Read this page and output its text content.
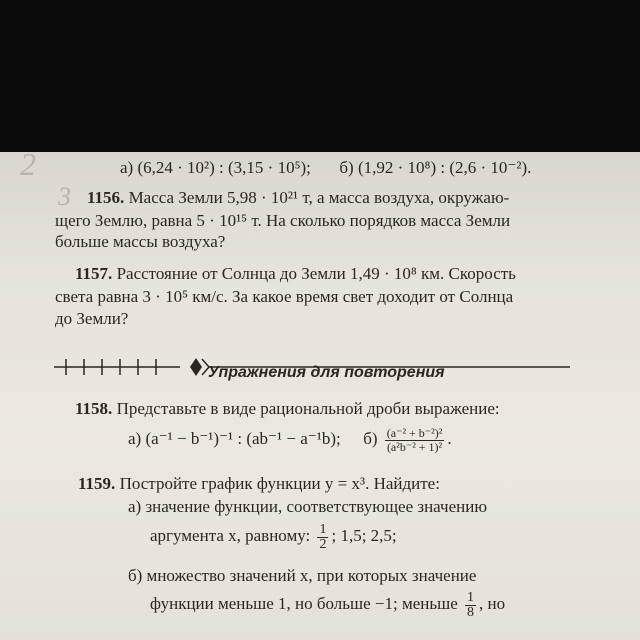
2
3
а) (6,24 · 10²) : (3,15 · 10⁵); б) (1,92 · 10⁸) : (2,6 · 10⁻²).
1156. Масса Земли 5,98 · 10²¹ т, а масса воздуха, окружаю-
щего Землю, равна 5 · 10¹⁵ т. На сколько порядков масса Земли
больше массы воздуха?
1157. Расстояние от Солнца до Земли 1,49 · 10⁸ км. Скорость
света равна 3 · 10⁵ км/с. За какое время свет доходит от Солнца
до Земли?
Упражнения для повторения
1158. Представьте в виде рациональной дроби выражение:
а) (a⁻¹ − b⁻¹)⁻¹ : (ab⁻¹ − a⁻¹b); $б) \frac{\text{(a⁻² + b⁻²)²}}{\text{(a²b⁻² + 1)²}}$ .
1159. Постройте график функции y = x³. Найдите:
а) значение функции, соответствующее значению
аргумента x, равному: $\frac{1}{2}$ ; 1,5; 2,5;
б) множество значений x, при которых значение
функции меньше 1, но больше −1; меньше $\frac{1}{8}$ , но
